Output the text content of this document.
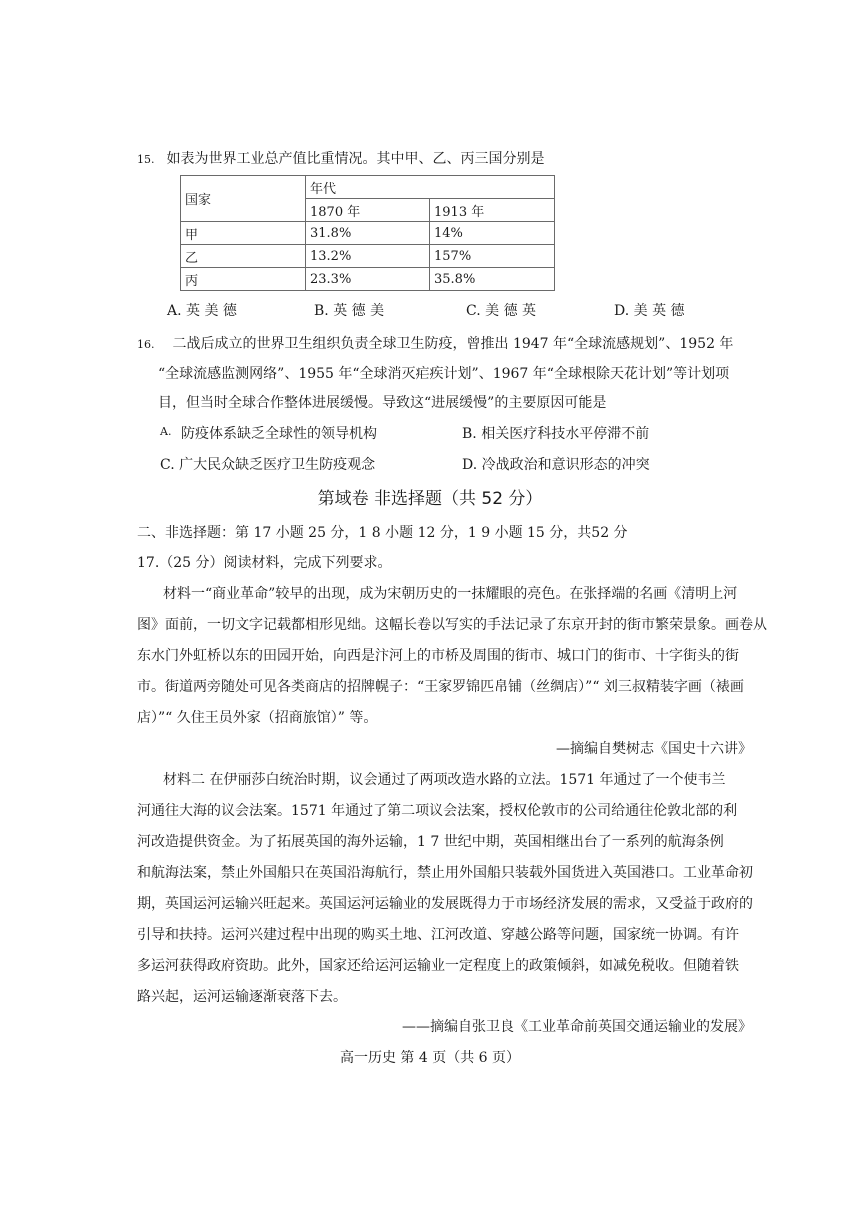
15. 如表为世界工业总产值比重情况。其中甲、乙、丙三国分别是
国家	年代	
	1870 年	1913 年
甲	31.8%	14%
乙	13.2%	157%
丙	23.3%	35.8%
A. 英 美 德	B. 英 德 美	C. 美 德 英	D. 美 英 德
16. 二战后成立的世界卫生组织负责全球卫生防疫，曾推出 1947 年“全球流感规划”、1952 年
“全球流感监测网络”、1955 年“全球消灭疟疾计划”、1967 年“全球根除天花计划”等计划项
目，但当时全球合作整体进展缓慢。导致这“进展缓慢”的主要原因可能是
A. 防疫体系缺乏全球性的领导机构	B. 相关医疗科技水平停滞不前
C. 广大民众缺乏医疗卫生防疫观念	D. 冷战政治和意识形态的冲突
第域卷 非选择题（共 52 分）
二、非选择题：第 17 小题 25 分，1 8 小题 12 分，1 9 小题 15 分，共52 分
17.（25 分）阅读材料，完成下列要求。
材料一“商业革命”较早的出现，成为宋朝历史的一抹耀眼的亮色。在张择端的名画《清明上河
图》面前，一切文字记载都相形见绌。这幅长卷以写实的手法记录了东京开封的街市繁荣景象。画卷从
东水门外虹桥以东的田园开始，向西是汴河上的市桥及周围的街市、城口门的街市、十字街头的街
市。街道两旁随处可见各类商店的招牌幌子：“王家罗锦匹帛铺（丝绸店）”“ 刘三叔精装字画（裱画
店）”“ 久住王员外家（招商旅馆）” 等。
—摘编自樊树志《国史十六讲》
材料二 在伊丽莎白统治时期，议会通过了两项改造水路的立法。1571 年通过了一个使韦兰
河通往大海的议会法案。1571 年通过了第二项议会法案，授权伦敦市的公司给通往伦敦北部的利
河改造提供资金。为了拓展英国的海外运输，1 7 世纪中期，英国相继出台了一系列的航海条例
和航海法案，禁止外国船只在英国沿海航行，禁止用外国船只装载外国货进入英国港口。工业革命初
期，英国运河运输兴旺起来。英国运河运输业的发展既得力于市场经济发展的需求，又受益于政府的
引导和扶持。运河兴建过程中出现的购买土地、江河改道、穿越公路等问题，国家统一协调。有许
多运河获得政府资助。此外，国家还给运河运输业一定程度上的政策倾斜，如减免税收。但随着铁
路兴起，运河运输逐渐衰落下去。
——摘编自张卫良《工业革命前英国交通运输业的发展》
高一历史 第 4 页（共 6 页）
